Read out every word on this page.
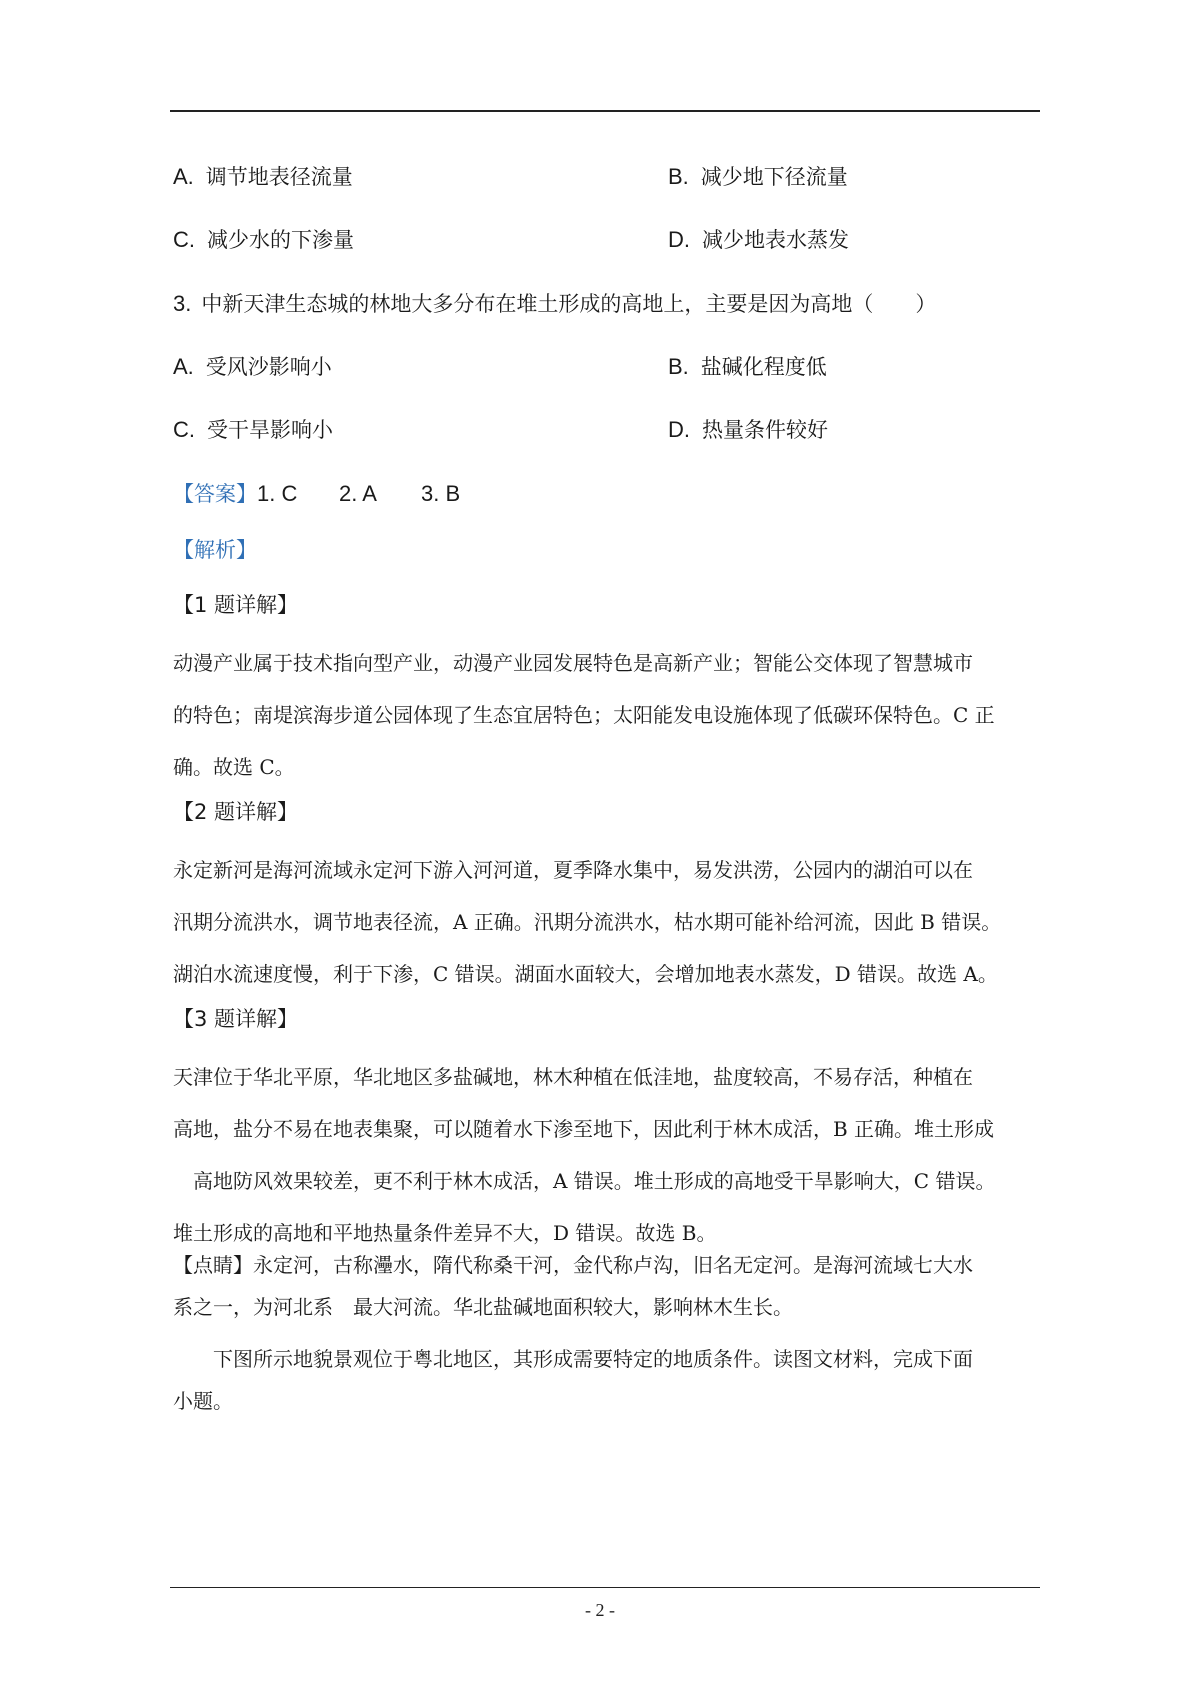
A. 调节地表径流量	B. 减少地下径流量
C. 减少水的下渗量	D. 减少地表水蒸发
3. 中新天津生态城的林地大多分布在堆土形成的高地上，主要是因为高地（　　）
A. 受风沙影响小	B. 盐碱化程度低
C. 受干旱影响小	D. 热量条件较好
【答案】1. C 2. A 3. B
【解析】
【1 题详解】
动漫产业属于技术指向型产业，动漫产业园发展特色是高新产业；智能公交体现了智慧城市
的特色；南堤滨海步道公园体现了生态宜居特色；太阳能发电设施体现了低碳环保特色。C 正
确。故选 C。
【2 题详解】
永定新河是海河流域永定河下游入河河道，夏季降水集中，易发洪涝，公园内的湖泊可以在
汛期分流洪水，调节地表径流，A 正确。汛期分流洪水，枯水期可能补给河流，因此 B 错误。
湖泊水流速度慢，利于下渗，C 错误。湖面水面较大，会增加地表水蒸发，D 错误。故选 A。
【3 题详解】
天津位于华北平原，华北地区多盐碱地，林木种植在低洼地，盐度较高，不易存活，种植在
高地，盐分不易在地表集聚，可以随着水下渗至地下，因此利于林木成活，B 正确。堆土形成
　高地防风效果较差，更不利于林木成活，A 错误。堆土形成的高地受干旱影响大，C 错误。
堆土形成的高地和平地热量条件差异不大，D 错误。故选 B。
【点睛】永定河，古称灅水，隋代称桑干河，金代称卢沟，旧名无定河。是海河流域七大水
系之一，为河北系　最大河流。华北盐碱地面积较大，影响林木生长。
　　下图所示地貌景观位于粤北地区，其形成需要特定的地质条件。读图文材料，完成下面
小题。
- 2 -
